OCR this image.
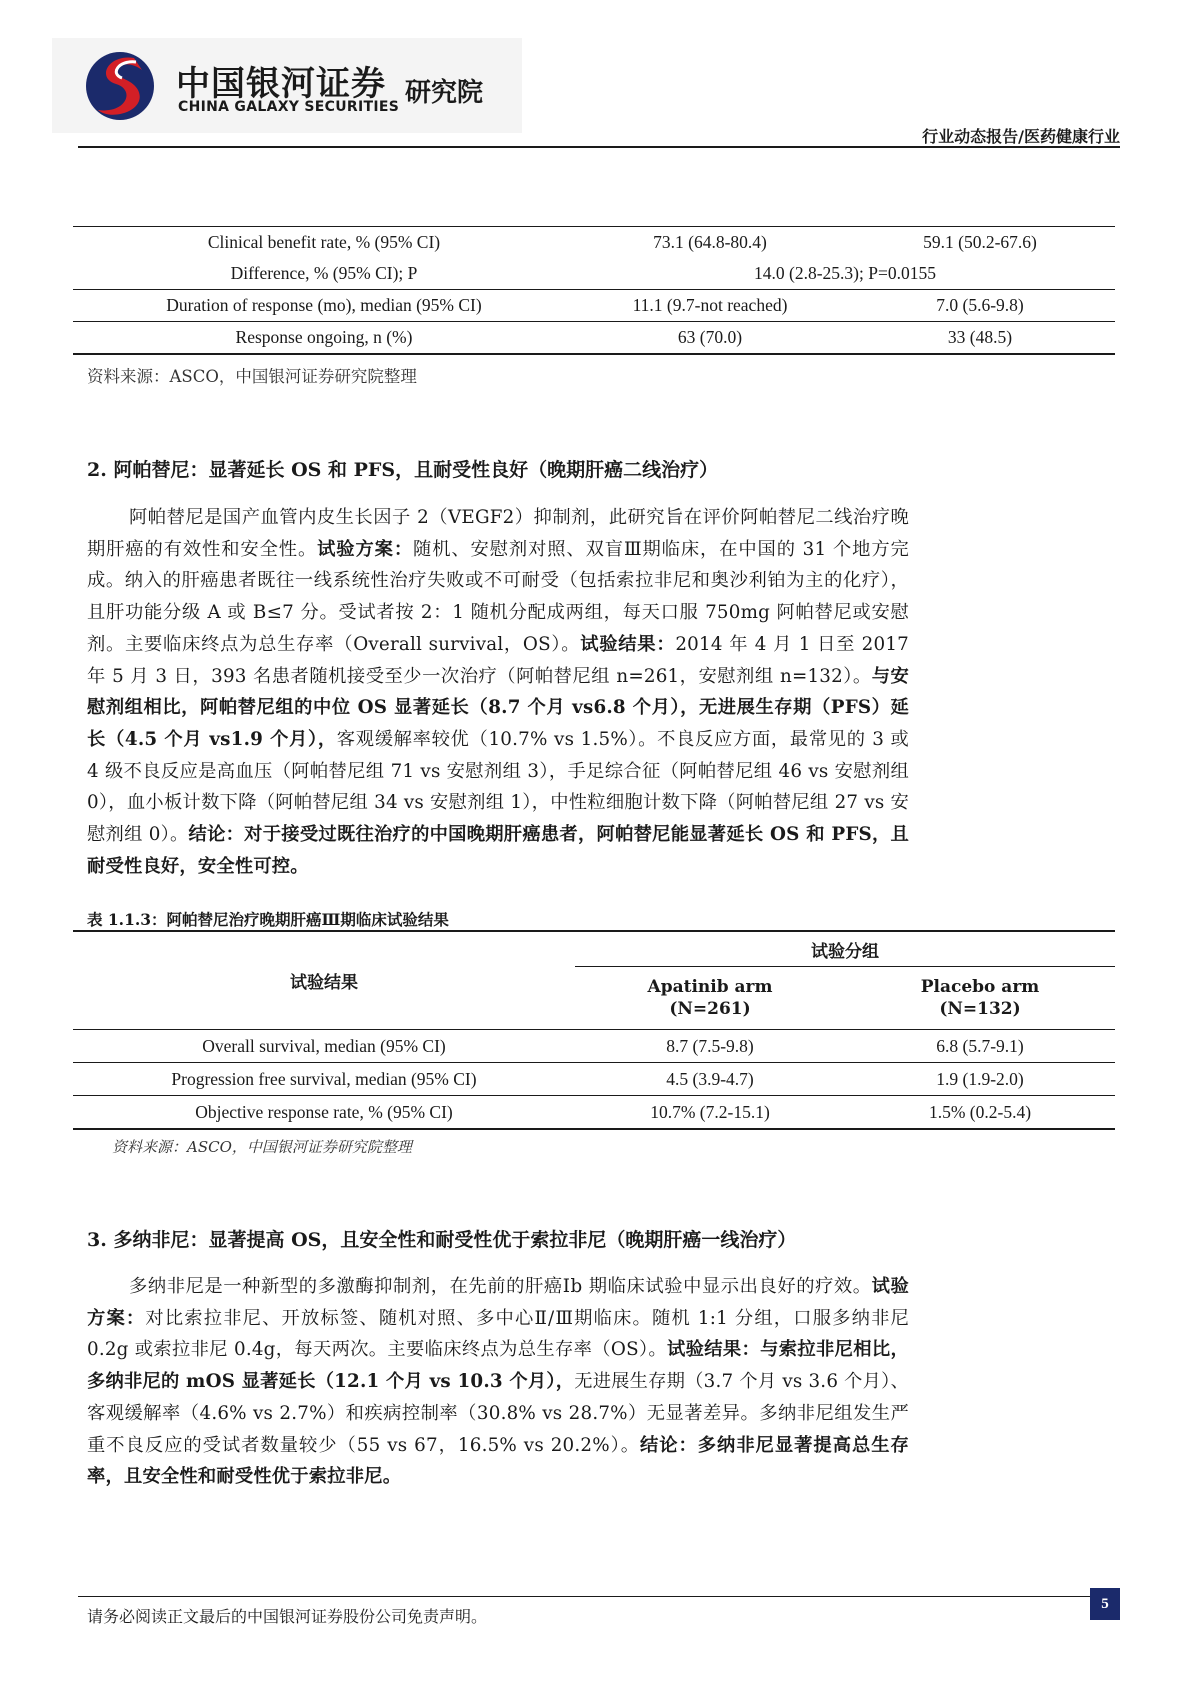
中国银河证券 研究院
CHINA GALAXY SECURITIES
行业动态报告/医药健康行业
Clinical benefit rate, % (95% CI)	73.1 (64.8-80.4)	59.1 (50.2-67.6)
Difference, % (95% CI); P	14.0 (2.8-25.3); P=0.0155	
Duration of response (mo), median (95% CI)	11.1 (9.7-not reached)	7.0 (5.6-9.8)
Response ongoing, n (%)	63 (70.0)	33 (48.5)
资料来源：ASCO，中国银河证券研究院整理
2. 阿帕替尼：显著延长 OS 和 PFS，且耐受性良好（晚期肝癌二线治疗）
阿帕替尼是国产血管内皮生长因子 2（VEGF2）抑制剂，此研究旨在评价阿帕替尼二线治疗晚期肝癌的有效性和安全性。试验方案：随机、安慰剂对照、双盲Ⅲ期临床，在中国的 31 个地方完成。纳入的肝癌患者既往一线系统性治疗失败或不可耐受（包括索拉非尼和奥沙利铂为主的化疗），且肝功能分级 A 或 B≤7 分。受试者按 2：1 随机分配成两组，每天口服 750mg 阿帕替尼或安慰剂。主要临床终点为总生存率（Overall survival，OS）。试验结果：2014 年 4 月 1 日至 2017 年 5 月 3 日，393 名患者随机接受至少一次治疗（阿帕替尼组 n=261，安慰剂组 n=132）。与安慰剂组相比，阿帕替尼组的中位 OS 显著延长（8.7 个月 vs6.8 个月），无进展生存期（PFS）延长（4.5 个月 vs1.9 个月），客观缓解率较优（10.7% vs 1.5%）。不良反应方面，最常见的 3 或 4 级不良反应是高血压（阿帕替尼组 71 vs 安慰剂组 3），手足综合征（阿帕替尼组 46 vs 安慰剂组 0），血小板计数下降（阿帕替尼组 34 vs 安慰剂组 1），中性粒细胞计数下降（阿帕替尼组 27 vs 安慰剂组 0）。结论：对于接受过既往治疗的中国晚期肝癌患者，阿帕替尼能显著延长 OS 和 PFS，且耐受性良好，安全性可控。
表 1.1.3：阿帕替尼治疗晚期肝癌Ⅲ期临床试验结果
试验结果	试验分组	
	Apatinib arm	Placebo arm
	(N=261)	(N=132)
Overall survival, median (95% CI)	8.7 (7.5-9.8)	6.8 (5.7-9.1)
Progression free survival, median (95% CI)	4.5 (3.9-4.7)	1.9 (1.9-2.0)
Objective response rate, % (95% CI)	10.7% (7.2-15.1)	1.5% (0.2-5.4)
资料来源：ASCO，中国银河证券研究院整理
3. 多纳非尼：显著提高 OS，且安全性和耐受性优于索拉非尼（晚期肝癌一线治疗）
多纳非尼是一种新型的多激酶抑制剂，在先前的肝癌Ⅰb 期临床试验中显示出良好的疗效。试验方案：对比索拉非尼、开放标签、随机对照、多中心Ⅱ/Ⅲ期临床。随机 1:1 分组，口服多纳非尼 0.2g 或索拉非尼 0.4g，每天两次。主要临床终点为总生存率（OS）。试验结果：与索拉非尼相比，多纳非尼的 mOS 显著延长（12.1 个月 vs 10.3 个月），无进展生存期（3.7 个月 vs 3.6 个月）、客观缓解率（4.6% vs 2.7%）和疾病控制率（30.8% vs 28.7%）无显著差异。多纳非尼组发生严重不良反应的受试者数量较少（55 vs 67，16.5% vs 20.2%）。结论：多纳非尼显著提高总生存率，且安全性和耐受性优于索拉非尼。
请务必阅读正文最后的中国银河证券股份公司免责声明。
5
